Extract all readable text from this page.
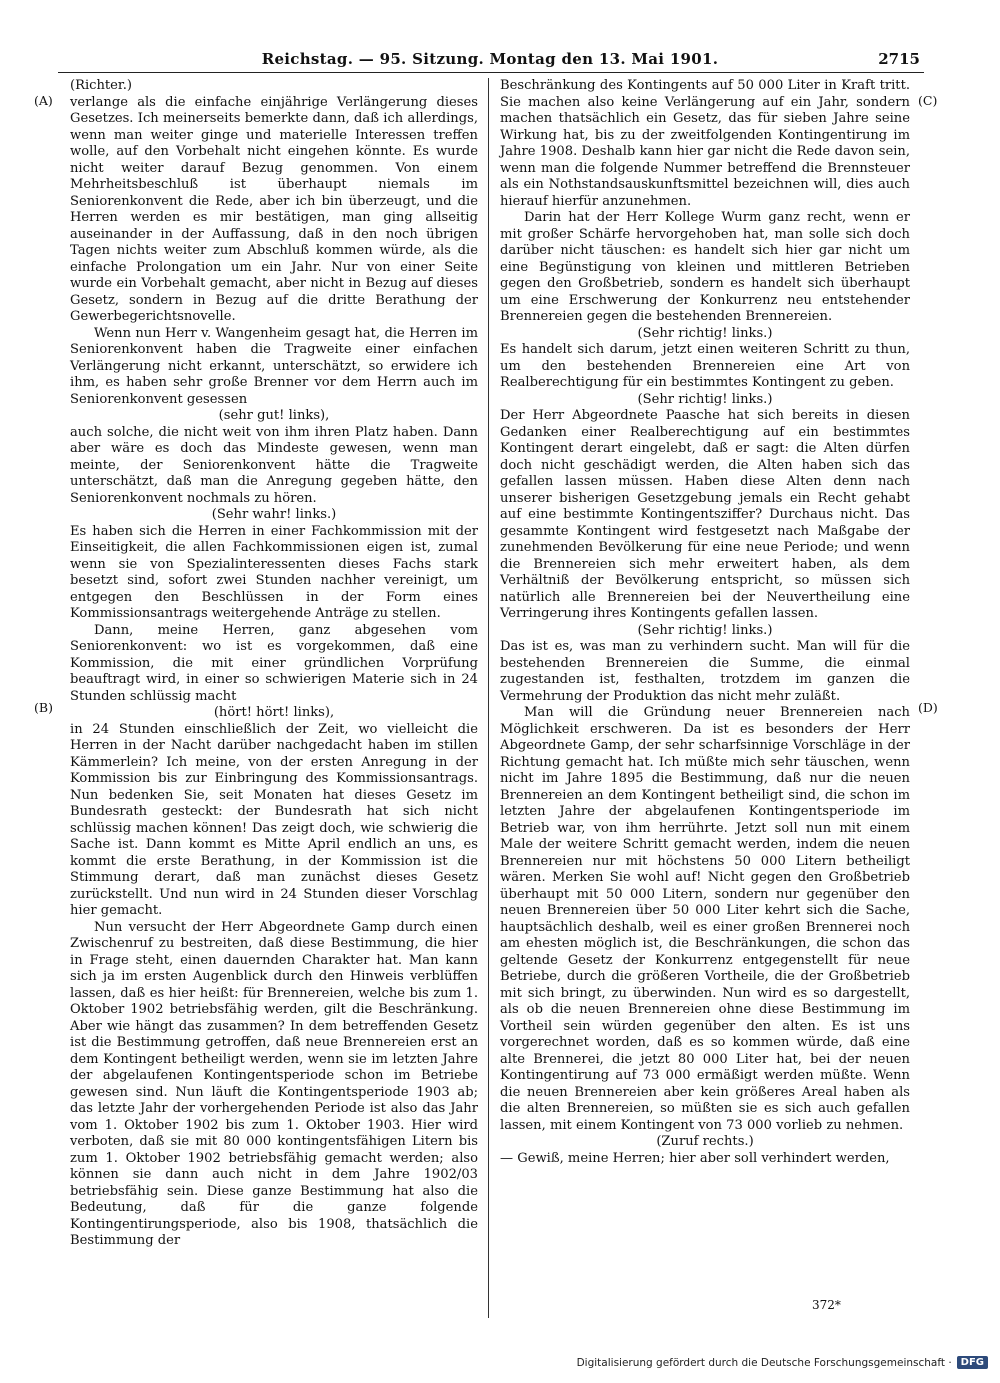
Reichstag. — 95. Sitzung. Montag den 13. Mai 1901.	2715
(A)
(B)
(C)
(D)

(Richter.)

verlange als die einfache einjährige Verlängerung dieses Gesetzes. Ich meinerseits bemerkte dann, daß ich allerdings, wenn man weiter ginge und materielle Interessen treffen wolle, auf den Vorbehalt nicht eingehen könnte. Es wurde nicht weiter darauf Bezug genommen. Von einem Mehrheitsbeschluß ist überhaupt niemals im Seniorenkonvent die Rede, aber ich bin überzeugt, und die Herren werden es mir bestätigen, man ging allseitig auseinander in der Auffassung, daß in den noch übrigen Tagen nichts weiter zum Abschluß kommen würde, als die einfache Prolongation um ein Jahr. Nur von einer Seite wurde ein Vorbehalt gemacht, aber nicht in Bezug auf dieses Gesetz, sondern in Bezug auf die dritte Berathung der Gewerbegerichtsnovelle.

Wenn nun Herr v. Wangenheim gesagt hat, die Herren im Seniorenkonvent haben die Tragweite einer einfachen Verlängerung nicht erkannt, unterschätzt, so erwidere ich ihm, es haben sehr große Brenner vor dem Herrn auch im Seniorenkonvent gesessen

(sehr gut! links),

auch solche, die nicht weit von ihm ihren Platz haben. Dann aber wäre es doch das Mindeste gewesen, wenn man meinte, der Seniorenkonvent hätte die Tragweite unterschätzt, daß man die Anregung gegeben hätte, den Seniorenkonvent nochmals zu hören.

(Sehr wahr! links.)

Es haben sich die Herren in einer Fachkommission mit der Einseitigkeit, die allen Fachkommissionen eigen ist, zumal wenn sie von Spezialinteressenten dieses Fachs stark besetzt sind, sofort zwei Stunden nachher vereinigt, um entgegen den Beschlüssen in der Form eines Kommissionsantrags weitergehende Anträge zu stellen.

Dann, meine Herren, ganz abgesehen vom Seniorenkonvent: wo ist es vorgekommen, daß eine Kommission, die mit einer gründlichen Vorprüfung beauftragt wird, in einer so schwierigen Materie sich in 24 Stunden schlüssig macht

(hört! hört! links),

in 24 Stunden einschließlich der Zeit, wo vielleicht die Herren in der Nacht darüber nachgedacht haben im stillen Kämmerlein? Ich meine, von der ersten Anregung in der Kommission bis zur Einbringung des Kommissionsantrags. Nun bedenken Sie, seit Monaten hat dieses Gesetz im Bundesrath gesteckt: der Bundesrath hat sich nicht schlüssig machen können! Das zeigt doch, wie schwierig die Sache ist. Dann kommt es Mitte April endlich an uns, es kommt die erste Berathung, in der Kommission ist die Stimmung derart, daß man zunächst dieses Gesetz zurückstellt. Und nun wird in 24 Stunden dieser Vorschlag hier gemacht.

Nun versucht der Herr Abgeordnete Gamp durch einen Zwischenruf zu bestreiten, daß diese Bestimmung, die hier in Frage steht, einen dauernden Charakter hat. Man kann sich ja im ersten Augenblick durch den Hinweis verblüffen lassen, daß es hier heißt: für Brennereien, welche bis zum 1. Oktober 1902 betriebsfähig werden, gilt die Beschränkung. Aber wie hängt das zusammen? In dem betreffenden Gesetz ist die Bestimmung getroffen, daß neue Brennereien erst an dem Kontingent betheiligt werden, wenn sie im letzten Jahre der abgelaufenen Kontingentsperiode schon im Betriebe gewesen sind. Nun läuft die Kontingentsperiode 1903 ab; das letzte Jahr der vorhergehenden Periode ist also das Jahr vom 1. Oktober 1902 bis zum 1. Oktober 1903. Hier wird verboten, daß sie mit 80 000 kontingentsfähigen Litern bis zum 1. Oktober 1902 betriebsfähig gemacht werden; also können sie dann auch nicht in dem Jahre 1902/03 betriebsfähig sein. Diese ganze Bestimmung hat also die Bedeutung, daß für die ganze folgende Kontingentirungsperiode, also bis 1908, thatsächlich die Bestimmung der

Beschränkung des Kontingents auf 50 000 Liter in Kraft tritt. Sie machen also keine Verlängerung auf ein Jahr, sondern machen thatsächlich ein Gesetz, das für sieben Jahre seine Wirkung hat, bis zu der zweitfolgenden Kontingentirung im Jahre 1908. Deshalb kann hier gar nicht die Rede davon sein, wenn man die folgende Nummer betreffend die Brennsteuer als ein Nothstandsauskunftsmittel bezeichnen will, dies auch hierauf hierfür anzunehmen.

Darin hat der Herr Kollege Wurm ganz recht, wenn er mit großer Schärfe hervorgehoben hat, man solle sich doch darüber nicht täuschen: es handelt sich hier gar nicht um eine Begünstigung von kleinen und mittleren Betrieben gegen den Großbetrieb, sondern es handelt sich überhaupt um eine Erschwerung der Konkurrenz neu entstehender Brennereien gegen die bestehenden Brennereien.

(Sehr richtig! links.)

Es handelt sich darum, jetzt einen weiteren Schritt zu thun, um den bestehenden Brennereien eine Art von Realberechtigung für ein bestimmtes Kontingent zu geben.

(Sehr richtig! links.)

Der Herr Abgeordnete Paasche hat sich bereits in diesen Gedanken einer Realberechtigung auf ein bestimmtes Kontingent derart eingelebt, daß er sagt: die Alten dürfen doch nicht geschädigt werden, die Alten haben sich das gefallen lassen müssen. Haben diese Alten denn nach unserer bisherigen Gesetzgebung jemals ein Recht gehabt auf eine bestimmte Kontingentsziffer? Durchaus nicht. Das gesammte Kontingent wird festgesetzt nach Maßgabe der zunehmenden Bevölkerung für eine neue Periode; und wenn die Brennereien sich mehr erweitert haben, als dem Verhältniß der Bevölkerung entspricht, so müssen sich natürlich alle Brennereien bei der Neuvertheilung eine Verringerung ihres Kontingents gefallen lassen.

(Sehr richtig! links.)

Das ist es, was man zu verhindern sucht. Man will für die bestehenden Brennereien die Summe, die einmal zugestanden ist, festhalten, trotzdem im ganzen die Vermehrung der Produktion das nicht mehr zuläßt.

Man will die Gründung neuer Brennereien nach Möglichkeit erschweren. Da ist es besonders der Herr Abgeordnete Gamp, der sehr scharfsinnige Vorschläge in der Richtung gemacht hat. Ich müßte mich sehr täuschen, wenn nicht im Jahre 1895 die Bestimmung, daß nur die neuen Brennereien an dem Kontingent betheiligt sind, die schon im letzten Jahre der abgelaufenen Kontingentsperiode im Betrieb war, von ihm herrührte. Jetzt soll nun mit einem Male der weitere Schritt gemacht werden, indem die neuen Brennereien nur mit höchstens 50 000 Litern betheiligt wären. Merken Sie wohl auf! Nicht gegen den Großbetrieb überhaupt mit 50 000 Litern, sondern nur gegenüber den neuen Brennereien über 50 000 Liter kehrt sich die Sache, hauptsächlich deshalb, weil es einer großen Brennerei noch am ehesten möglich ist, die Beschränkungen, die schon das geltende Gesetz der Konkurrenz entgegenstellt für neue Betriebe, durch die größeren Vortheile, die der Großbetrieb mit sich bringt, zu überwinden. Nun wird es so dargestellt, als ob die neuen Brennereien ohne diese Bestimmung im Vortheil sein würden gegenüber den alten. Es ist uns vorgerechnet worden, daß es so kommen würde, daß eine alte Brennerei, die jetzt 80 000 Liter hat, bei der neuen Kontingentirung auf 73 000 ermäßigt werden müßte. Wenn die neuen Brennereien aber kein größeres Areal haben als die alten Brennereien, so müßten sie es sich auch gefallen lassen, mit einem Kontingent von 73 000 vorlieb zu nehmen.

(Zuruf rechts.)

— Gewiß, meine Herren; hier aber soll verhindert werden,

372*
Digitalisierung gefördert durch die Deutsche Forschungsgemeinschaft · DFG
